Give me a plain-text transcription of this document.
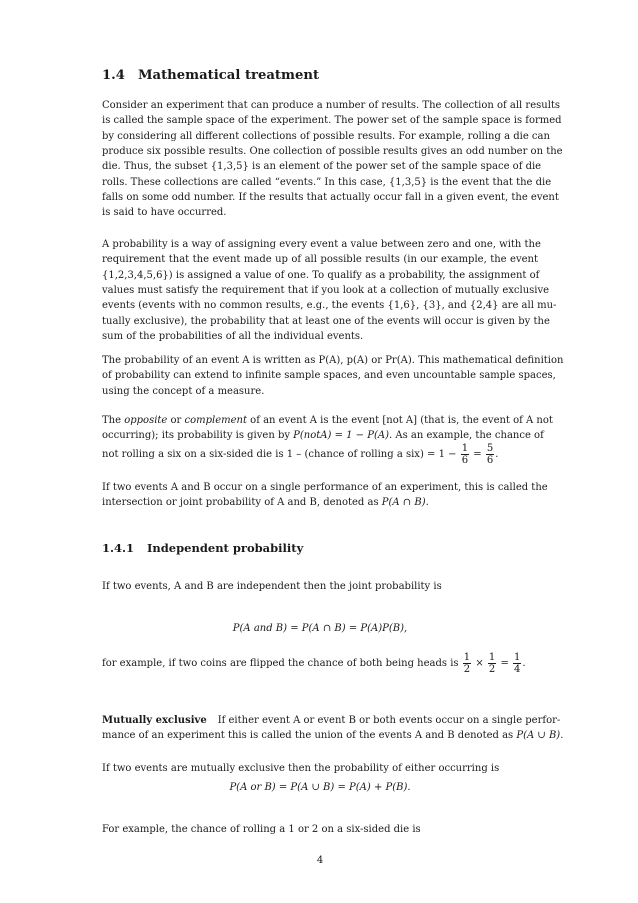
1.4 Mathematical treatment
Consider an experiment that can produce a number of results. The collection of all results
is called the sample space of the experiment. The power set of the sample space is formed
by considering all different collections of possible results. For example, rolling a die can
produce six possible results. One collection of possible results gives an odd number on the
die. Thus, the subset {1,3,5} is an element of the power set of the sample space of die
rolls. These collections are called “events.” In this case, {1,3,5} is the event that the die
falls on some odd number. If the results that actually occur fall in a given event, the event
is said to have occurred.
A probability is a way of assigning every event a value between zero and one, with the
requirement that the event made up of all possible results (in our example, the event
{1,2,3,4,5,6}) is assigned a value of one. To qualify as a probability, the assignment of
values must satisfy the requirement that if you look at a collection of mutually exclusive
events (events with no common results, e.g., the events {1,6}, {3}, and {2,4} are all mu-
tually exclusive), the probability that at least one of the events will occur is given by the
sum of the probabilities of all the individual events.
The probability of an event A is written as P(A), p(A) or Pr(A). This mathematical definition
of probability can extend to infinite sample spaces, and even uncountable sample spaces,
using the concept of a measure.
The opposite or complement of an event A is the event [not A] (that is, the event of A not
occurring); its probability is given by P(notA) = 1 − P(A). As an example, the chance of
not rolling a six on a six-sided die is 1 – (chance of rolling a $six) = 1 - \frac{1}{6} = \frac{5}{6}$ .
If two events A and B occur on a single performance of an experiment, this is called the
intersection or joint probability of A and B, denoted as P(A ∩ B).
1.4.1 Independent probability
If two events, A and B are independent then the joint probability is
P(A and B) = P(A ∩ B) = P(A)P(B),
for example, if two coins are flipped the chance of both being heads is $\frac{1}{2} \times \frac{1}{2} = \frac{1}{4}$ .
Mutually exclusive If either event A or event B or both events occur on a single perfor-
mance of an experiment this is called the union of the events A and B denoted as P(A ∪ B).
If two events are mutually exclusive then the probability of either occurring is
P(A or B) = P(A ∪ B) = P(A) + P(B).
For example, the chance of rolling a 1 or 2 on a six-sided die is
4
